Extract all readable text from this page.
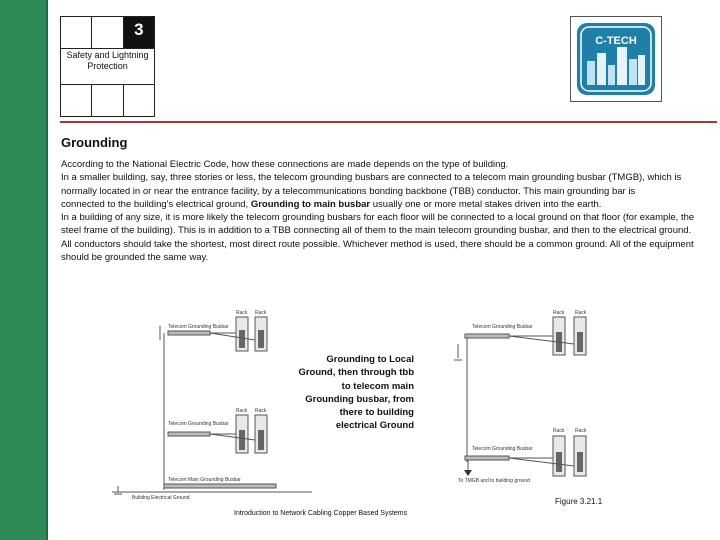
3
Safety and Lightning Protection
C-TECH
Grounding

According to the National Electric Code, how these connections are made depends on the type of building.

In a smaller building, say, three stories or less, the telecom grounding busbars are connected to a telecom main grounding busbar (TMGB), which is normally located in or near the entrance facility, by a telecommunications bonding backbone (TBB) conductor. This main grounding bar is

connected to the building's electrical ground, Grounding to main busbar usually one or more metal stakes driven into the earth.

In a building of any size, it is more likely the telecom grounding busbars for each floor will be connected to a local ground on that floor (for example, the steel frame of the building). This is in addition to a TBB connecting all of them to the main telecom grounding busbar, and then to the electrical ground.

All conductors should take the shortest, most direct route possible. Whichever method is used, there should be a common ground. All of the equipment should be grounded the same way.

Rack Rack
Telecom Grounding Busbar
Rack Rack
Telecom Grounding Busbar
Telecom Main Grounding Busbar
Building Electrical Ground
Rack Rack
Telecom Grounding Busbar
Rack Rack
Telecom Grounding Busbar
To TMGB and to building ground
Grounding to Local Ground, then through tbb to telecom main Grounding busbar, from there to building electrical Ground
Figure 3.21.1
Introduction to Network Cabling Copper Based Systems
